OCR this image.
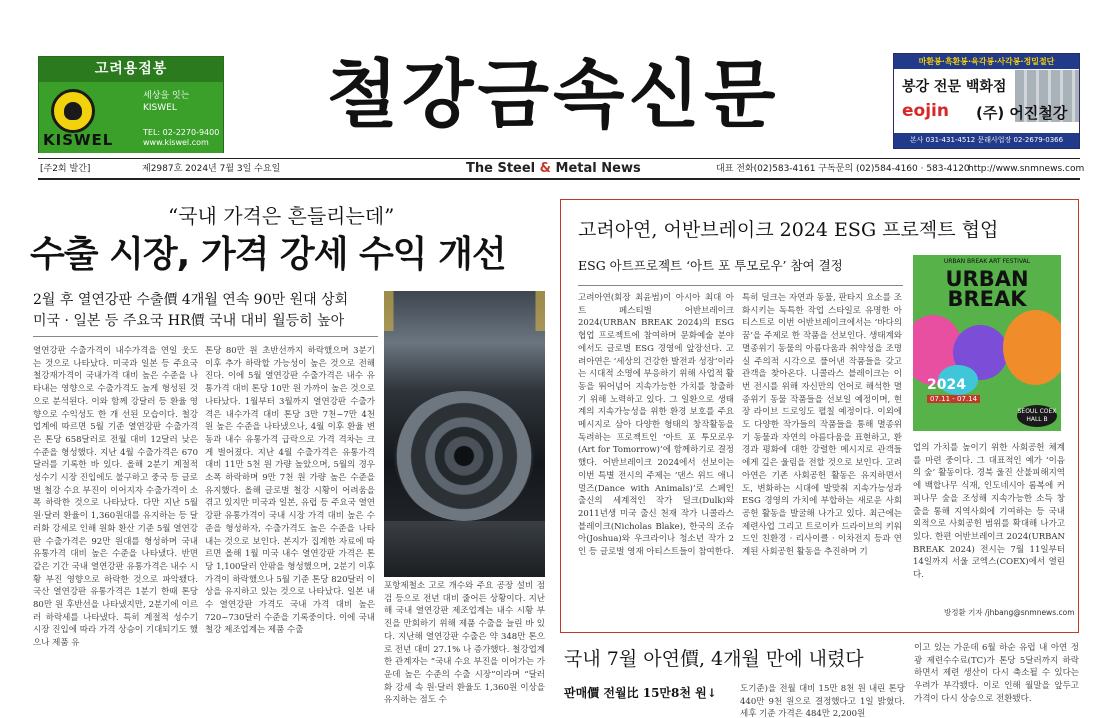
고려용접봉
KISWEL
세상을 잇는
KISWEL
TEL: 02-2270-9400
www.kiswel.com
철강금속신문	마환봉·흑환봉·육각봉·사각봉·정밀절단
봉강 전문 백화점
eojin (주) 어진철강
본사 031-431-4512 문래사업장 02-2679-0366
[주2회 발간]	제2987호 2024년 7월 3일 수요일	The Steel & Metal News	대표 전화(02)583-4161 구독문의 (02)584-4160 · 583-4120
http://www.snmnews.com
“국내 가격은 흔들리는데”
수출 시장, 가격 강세 수익 개선
2월 후 열연강판 수출價 4개월 연속 90만 원대 상회
미국 · 일본 등 주요국 HR價 국내 대비 월등히 높아
열연강판 수출가격이 내수가격을 연일 웃도는 것으로 나타났다. 미국과 일본 등 주요국 철강재가격이 국내가격 대비 높은 수준을 나타내는 영향으로 수출가격도 높게 형성된 것으로 분석된다. 이와 함께 강달러 등 환율 영향으로 수익성도 한 개 선된 모습이다. 철강업계에 따르면 5월 기준 열연강판 수출가격은 톤당 658달러로 전월 대비 12달러 낮은 수준을 형성했다. 지난 4월 수출가격은 670달러를 기록한 바 있다. 올해 2분기 계절적 성수기 시장 진입에도 불구하고 중국 등 글로벌 철강 수요 부진이 이어지자 수출가격이 소폭 하락한 것으로 나타났다. 다만 지난 5월 원·달러 환율이 1,360원대를 유지하는 등 달러화 강세로 인해 원화 환산 기준 5월 열연강판 수출가격은 92만 원대를 형성하며 국내 유통가격 대비 높은 수준을 나타냈다. 반면 같은 기간 국내 열연강판 유통가격은 내수 시황 부진 영향으로 하락한 것으로 파악됐다. 국산 열연강판 유통가격은 1분기 한때 톤당 80만 원 후반선을 나타냈지만, 2분기에 이르러 하락세를 나타냈다. 특히 계절적 성수기 시장 진입에 따라 가격 상승이 기대되기도 했으나 제품 유
톤당 80만 원 초반선까지 하락했으며 3분기 이후 추가 하락할 가능성이 높은 것으로 전해진다. 이에 5월 열연강판 수출가격은 내수 유통가격 대비 톤당 10만 원 가까이 높은 것으로 나타났다. 1월부터 3월까지 열연강판 수출가격은 내수가격 대비 톤당 3만 7천~7만 4천 원 높은 수준을 나타냈으나, 4월 이후 환율 변동과 내수 유통가격 급락으로 가격 격차는 크게 벌어졌다. 지난 4월 수출가격은 유통가격 대비 11만 5천 원 가량 높았으며, 5월의 경우 소폭 하락하며 9만 7천 원 가량 높은 수준을 유지했다. 올해 글로벌 철강 시황이 어려움을 겪고 있지만 미국과 일본, 유럽 등 주요국 열연강판 유통가격이 국내 시장 가격 대비 높은 수준을 형성하자, 수출가격도 높은 수준을 나타내는 것으로 보인다. 본지가 집계한 자료에 따르면 올해 1월 미국 내수 열연강판 가격은 톤당 1,100달러 안팎을 형성했으며, 2분기 이후 가격이 하락했으나 5월 기준 톤당 820달러 이상을 유지하고 있는 것으로 나타났다. 일본 내수 열연강판 가격도 국내 가격 대비 높은 720~730달러 수준을 기록중이다. 이에 국내 철강 제조업계는 제품 수출
포항제철소 고로 개수와 주요 공장 설비 점검 등으로 전년 대비 줄어든 상황이다. 지난해 국내 열연강판 제조업계는 내수 시황 부진을 만회하기 위해 제품 수출을 늘린 바 있다. 지난해 열연강판 수출은 약 348만 톤으로 전년 대비 27.1% 나 증가했다. 철강업계 한 관계자는 “국내 수요 부진을 이어가는 가운데 높은 수준의 수출 시장”이라며 “달러화 강세 속 원·달러 환율도 1,360원 이상을 유지하는 점도 수
고려아연, 어반브레이크 2024 ESG 프로젝트 협업
ESG 아트프로젝트 ‘아트 포 투모로우’ 참여 결정
고려아연(회장 최윤범)이 아시아 최대 아트 페스티벌 어반브레이크 2024(URBAN BREAK 2024)의 ESG 협업 프로젝트에 참여하며 문화예술 분야에서도 글로벌 ESG 경영에 앞장선다. 고려아연은 ‘세상의 건강한 발전과 성장’이라는 시대적 소명에 부응하기 위해 사업적 활동을 뛰어넘어 지속가능한 가치를 창출하기 위해 노력하고 있다. 그 일환으로 생태계의 지속가능성을 위한 환경 보호를 주요 메시지로 삼아 다양한 형태의 창작활동을 독려하는 프로젝트인 ‘아트 포 투모로우(Art for Tomorrow)’에 함께하기로 결정했다. 어반브레이크 2024에서 선보이는 이번 특별 전시의 주제는 ‘댄스 위드 애니멀즈(Dance with Animals)’로 스페인 출신의 세계적인 작가 덜크(Dulk)와 2011년생 미국 출신 천재 작가 니콜라스 블레이크(Nicholas Blake), 한국의 조슈아(Joshua)와 우크라이나 청소년 작가 2인 등 글로벌 영재 아티스트들이 참여한다.
특히 덜크는 자연과 동물, 판타지 요소를 조화시키는 독특한 작업 스타일로 유명한 아티스트로 이번 어반브레이크에서는 ‘바다의 꿈’을 주제로 한 작품을 선보인다. 생태계와 멸종위기 동물의 아름다움과 취약성을 조명실 주의적 시각으로 풀어낸 작품들을 갖고 관객을 찾아온다. 니콜라스 블레이크는 이번 전시를 위해 자신만의 언어로 해석한 멸종위기 동물 작품들을 선보일 예정이며, 현장 라이브 드로잉도 펼칠 예정이다. 이외에도 다양한 작가들의 작품들을 통해 멸종위기 동물과 자연의 아름다움을 표현하고, 환경과 평화에 대한 강렬한 메시지로 관객들에게 깊은 울림을 전할 것으로 보인다. 고려아연은 기존 사회공헌 활동은 유지하면서도, 변화하는 시대에 발맞춰 지속가능성과 ESG 경영의 가치에 부합하는 새로운 사회공헌 활동을 발굴해 나가고 있다. 최근에는 제련사업 그리고 트로이카 드라이브의 키워드인 친환경 · 리사이클 · 이차전지 등과 연계된 사회공헌 활동을 추진하며 기
URBAN BREAK ART FESTIVAL
URBAN
BREAK
2024
07.11 - 07.14
SEOUL COEX HALL B
업의 가치를 높이기 위한 사회공헌 체계를 마련 중이다. 그 대표적인 예가 ‘이음의 숲’ 활동이다. 경북 울진 산불피해지역에 백합나무 식재, 인도네시아 롬복에 커피나무 숲을 조성해 지속가능한 소득 창출을 통해 지역사회에 기여하는 등 국내외적으로 사회공헌 범위를 확대해 나가고 있다. 한편 어반브레이크 2024(URBAN BREAK 2024) 전시는 7월 11일부터 14일까지 서울 코엑스(COEX)에서 열린다.
방정환 기자 /jhbang@snmnews.com
국내 7월 아연價, 4개월 만에 내렸다
판매價 전월比 15만8천 원↓	도기준)을 전월 대비 15만 8천 원 내린 톤당 440만 9천 원으로 결정했다고 1일 밝혔다. 세후 기준 가격은 484만 2,200원
이고 있는 가운데 6월 하순 유럽 내 아연 정광 제련수수료(TC)가 톤당 5달러까지 하락하면서 제련 생산이 다시 축소될 수 있다는 우려가 부각됐다. 이로 인해 월말을 앞두고 가격이 다시 상승으로 전환됐다.
